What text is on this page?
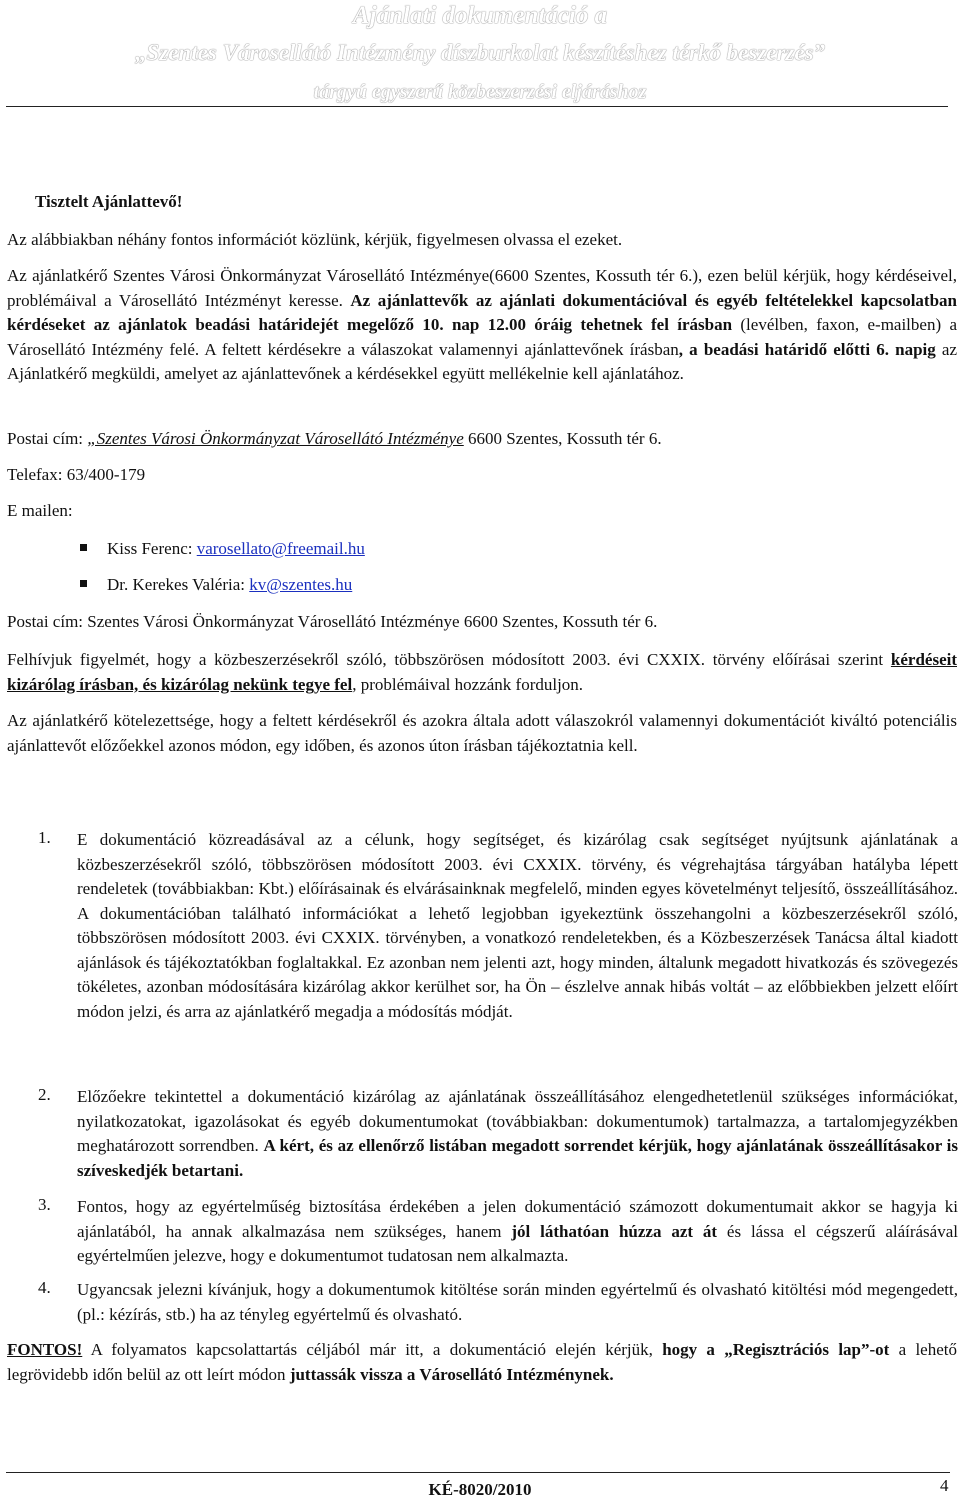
Ajánlati dokumentáció a
„Szentes Városellátó Intézmény díszburkolat készítéshez térkő beszerzés”
tárgyú egyszerű közbeszerzési eljáráshoz
Tisztelt Ajánlattevő!
Az alábbiakban néhány fontos információt közlünk, kérjük, figyelmesen olvassa el ezeket.
Az ajánlatkérő Szentes Városi Önkormányzat Városellátó Intézménye(6600 Szentes, Kossuth tér 6.), ezen belül kérjük, hogy kérdéseivel, problémáival a Városellátó Intézményt keresse. Az ajánlattevők az ajánlati dokumentációval és egyéb feltételekkel kapcsolatban kérdéseket az ajánlatok beadási határidejét megelőző 10. nap 12.00 óráig tehetnek fel írásban (levélben, faxon, e-mailben) a Városellátó Intézmény felé. A feltett kérdésekre a válaszokat valamennyi ajánlattevőnek írásban, a beadási határidő előtti 6. napig az Ajánlatkérő megküldi, amelyet az ajánlattevőnek a kérdésekkel együtt mellékelnie kell ajánlatához.
Postai cím: „Szentes Városi Önkormányzat Városellátó Intézménye 6600 Szentes, Kossuth tér 6.
Telefax: 63/400-179
E mailen:
Kiss Ferenc: varosellato@freemail.hu
Dr. Kerekes Valéria: kv@szentes.hu
Postai cím: Szentes Városi Önkormányzat Városellátó Intézménye 6600 Szentes, Kossuth tér 6.
Felhívjuk figyelmét, hogy a közbeszerzésekről szóló, többszörösen módosított 2003. évi CXXIX. törvény előírásai szerint kérdéseit kizárólag írásban, és kizárólag nekünk tegye fel, problémáival hozzánk forduljon.
Az ajánlatkérő kötelezettsége, hogy a feltett kérdésekről és azokra általa adott válaszokról valamennyi dokumentációt kiváltó potenciális ajánlattevőt előzőekkel azonos módon, egy időben, és azonos úton írásban tájékoztatnia kell.
1. E dokumentáció közreadásával az a célunk, hogy segítséget, és kizárólag csak segítséget nyújtsunk ajánlatának a közbeszerzésekről szóló, többszörösen módosított 2003. évi CXXIX. törvény, és végrehajtása tárgyában hatályba lépett rendeletek (továbbiakban: Kbt.) előírásainak és elvárásainknak megfelelő, minden egyes követelményt teljesítő, összeállításához. A dokumentációban található információkat a lehető legjobban igyekeztünk összehangolni a közbeszerzésekről szóló, többszörösen módosított 2003. évi CXXIX. törvényben, a vonatkozó rendeletekben, és a Közbeszerzések Tanácsa által kiadott ajánlások és tájékoztatókban foglaltakkal. Ez azonban nem jelenti azt, hogy minden, általunk megadott hivatkozás és szövegezés tökéletes, azonban módosítására kizárólag akkor kerülhet sor, ha Ön – észlelve annak hibás voltát – az előbbiekben jelzett előírt módon jelzi, és arra az ajánlatkérő megadja a módosítás módját.
2. Előzőekre tekintettel a dokumentáció kizárólag az ajánlatának összeállításához elengedhetetlenül szükséges információkat, nyilatkozatokat, igazolásokat és egyéb dokumentumokat (továbbiakban: dokumentumok) tartalmazza, a tartalomjegyzékben meghatározott sorrendben. A kért, és az ellenőrző listában megadott sorrendet kérjük, hogy ajánlatának összeállításakor is szíveskedjék betartani.
3. Fontos, hogy az egyértelműség biztosítása érdekében a jelen dokumentáció számozott dokumentumait akkor se hagyja ki ajánlatából, ha annak alkalmazása nem szükséges, hanem jól láthatóan húzza azt át és lássa el cégszerű aláírásával egyértelműen jelezve, hogy e dokumentumot tudatosan nem alkalmazta.
4. Ugyancsak jelezni kívánjuk, hogy a dokumentumok kitöltése során minden egyértelmű és olvasható kitöltési mód megengedett, (pl.: kézírás, stb.) ha az tényleg egyértelmű és olvasható.
FONTOS! A folyamatos kapcsolattartás céljából már itt, a dokumentáció elején kérjük, hogy a „Regisztrációs lap”-ot a lehető legrövidebb időn belül az ott leírt módon juttassák vissza a Városellátó Intézménynek.
KÉ-8020/2010	4
